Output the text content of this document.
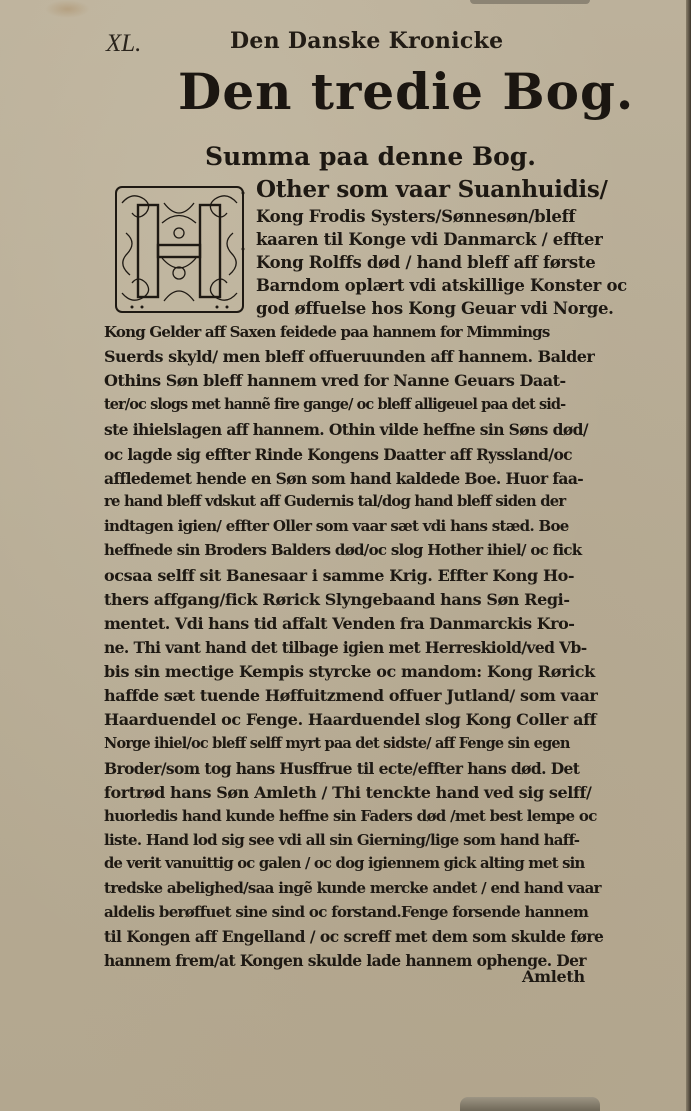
XL.	Den Danske Kronicke
Den tredie Bog.
Summa paa denne Bog.
Other som vaar Suanhuidis/
Kong Frodis Systers/Sønnesøn/bleff
kaaren til Konge vdi Danmarck / effter
Kong Rolffs død / hand bleff aff første
Barndom oplært vdi atskillige Konster oc
god øffuelse hos Kong Geuar vdi Norge.
Kong Gelder aff Saxen feidede paa hannem for Mimmings
Suerds skyld/ men bleff offueruunden aff hannem. Balder
Othins Søn bleff hannem vred for Nanne Geuars Daat-
ter/oc slogs met hannẽ fire gange/ oc bleff alligeuel paa det sid-
ste ihielslagen aff hannem. Othin vilde heffne sin Søns død/
oc lagde sig effter Rinde Kongens Daatter aff Ryssland/oc
affledemet hende en Søn som hand kaldede Boe. Huor faa-
re hand bleff vdskut aff Gudernis tal/dog hand bleff siden der
indtagen igien/ effter Oller som vaar sæt vdi hans stæd. Boe
heffnede sin Broders Balders død/oc slog Hother ihiel/ oc fick
ocsaa selff sit Banesaar i samme Krig. Effter Kong Ho-
thers affgang/fick Rørick Slyngebaand hans Søn Regi-
mentet. Vdi hans tid affalt Venden fra Danmarckis Kro-
ne. Thi vant hand det tilbage igien met Herreskiold/ved Vb-
bis sin mectige Kempis styrcke oc mandom: Kong Rørick
haffde sæt tuende Høffuitzmend offuer Jutland/ som vaar
Haarduendel oc Fenge. Haarduendel slog Kong Coller aff
Norge ihiel/oc bleff selff myrt paa det sidste/ aff Fenge sin egen
Broder/som tog hans Husffrue til ecte/effter hans død. Det
fortrød hans Søn Amleth / Thi tenckte hand ved sig selff/
huorledis hand kunde heffne sin Faders død /met best lempe oc
liste. Hand lod sig see vdi all sin Gierning/lige som hand haff-
de verit vanuittig oc galen / oc dog igiennem gick alting met sin
tredske abelighed/saa ingẽ kunde mercke andet / end hand vaar
aldelis berøffuet sine sind oc forstand.Fenge forsende hannem
til Kongen aff Engelland / oc screff met dem som skulde føre
hannem frem/at Kongen skulde lade hannem ophenge. Der
Amleth
